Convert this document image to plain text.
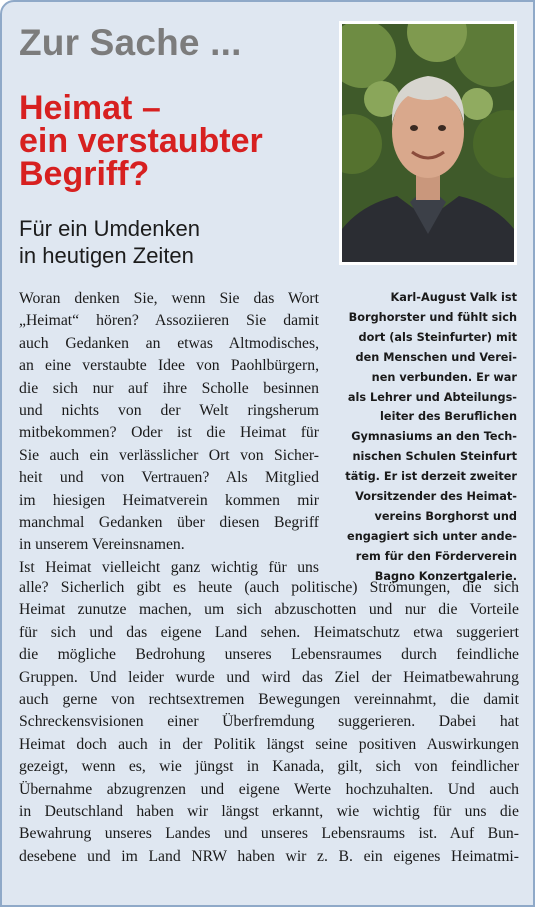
Zur Sache ...
Heimat –
ein verstaubter
Begriff?
Für ein Umdenken
in heutigen Zeiten
Karl-August Valk ist
Borghorster und fühlt sich
dort (als Steinfurter) mit
den Menschen und Verei-
nen verbunden. Er war
als Lehrer und Abteilungs-
leiter des Beruflichen
Gymnasiums an den Tech-
nischen Schulen Steinfurt
tätig. Er ist derzeit zweiter
Vorsitzender des Heimat-
vereins Borghorst und
engagiert sich unter ande-
rem für den Förderverein
Bagno Konzertgalerie.
Woran denken Sie, wenn Sie das Wort
„Heimat“ hören? Assoziieren Sie damit
auch Gedanken an etwas Altmodisches,
an eine verstaubte Idee von Paohlbürgern,
die sich nur auf ihre Scholle besinnen
und nichts von der Welt ringsherum
mitbekommen? Oder ist die Heimat für
Sie auch ein verlässlicher Ort von Sicher-
heit und von Vertrauen? Als Mitglied
im hiesigen Heimatverein kommen mir
manchmal Gedanken über diesen Begriff
in unserem Vereinsnamen.
Ist Heimat vielleicht ganz wichtig für uns
alle? Sicherlich gibt es heute (auch politische) Strömungen, die sich
Heimat zunutze machen, um sich abzuschotten und nur die Vorteile
für sich und das eigene Land sehen. Heimatschutz etwa suggeriert
die mögliche Bedrohung unseres Lebensraumes durch feindliche
Gruppen. Und leider wurde und wird das Ziel der Heimatbewahrung
auch gerne von rechtsextremen Bewegungen vereinnahmt, die damit
Schreckensvisionen einer Überfremdung suggerieren. Dabei hat
Heimat doch auch in der Politik längst seine positiven Auswirkungen
gezeigt, wenn es, wie jüngst in Kanada, gilt, sich von feindlicher
Übernahme abzugrenzen und eigene Werte hochzuhalten. Und auch
in Deutschland haben wir längst erkannt, wie wichtig für uns die
Bewahrung unseres Landes und unseres Lebensraums ist. Auf Bun-
desebene und im Land NRW haben wir z. B. ein eigenes Heimatmi-
